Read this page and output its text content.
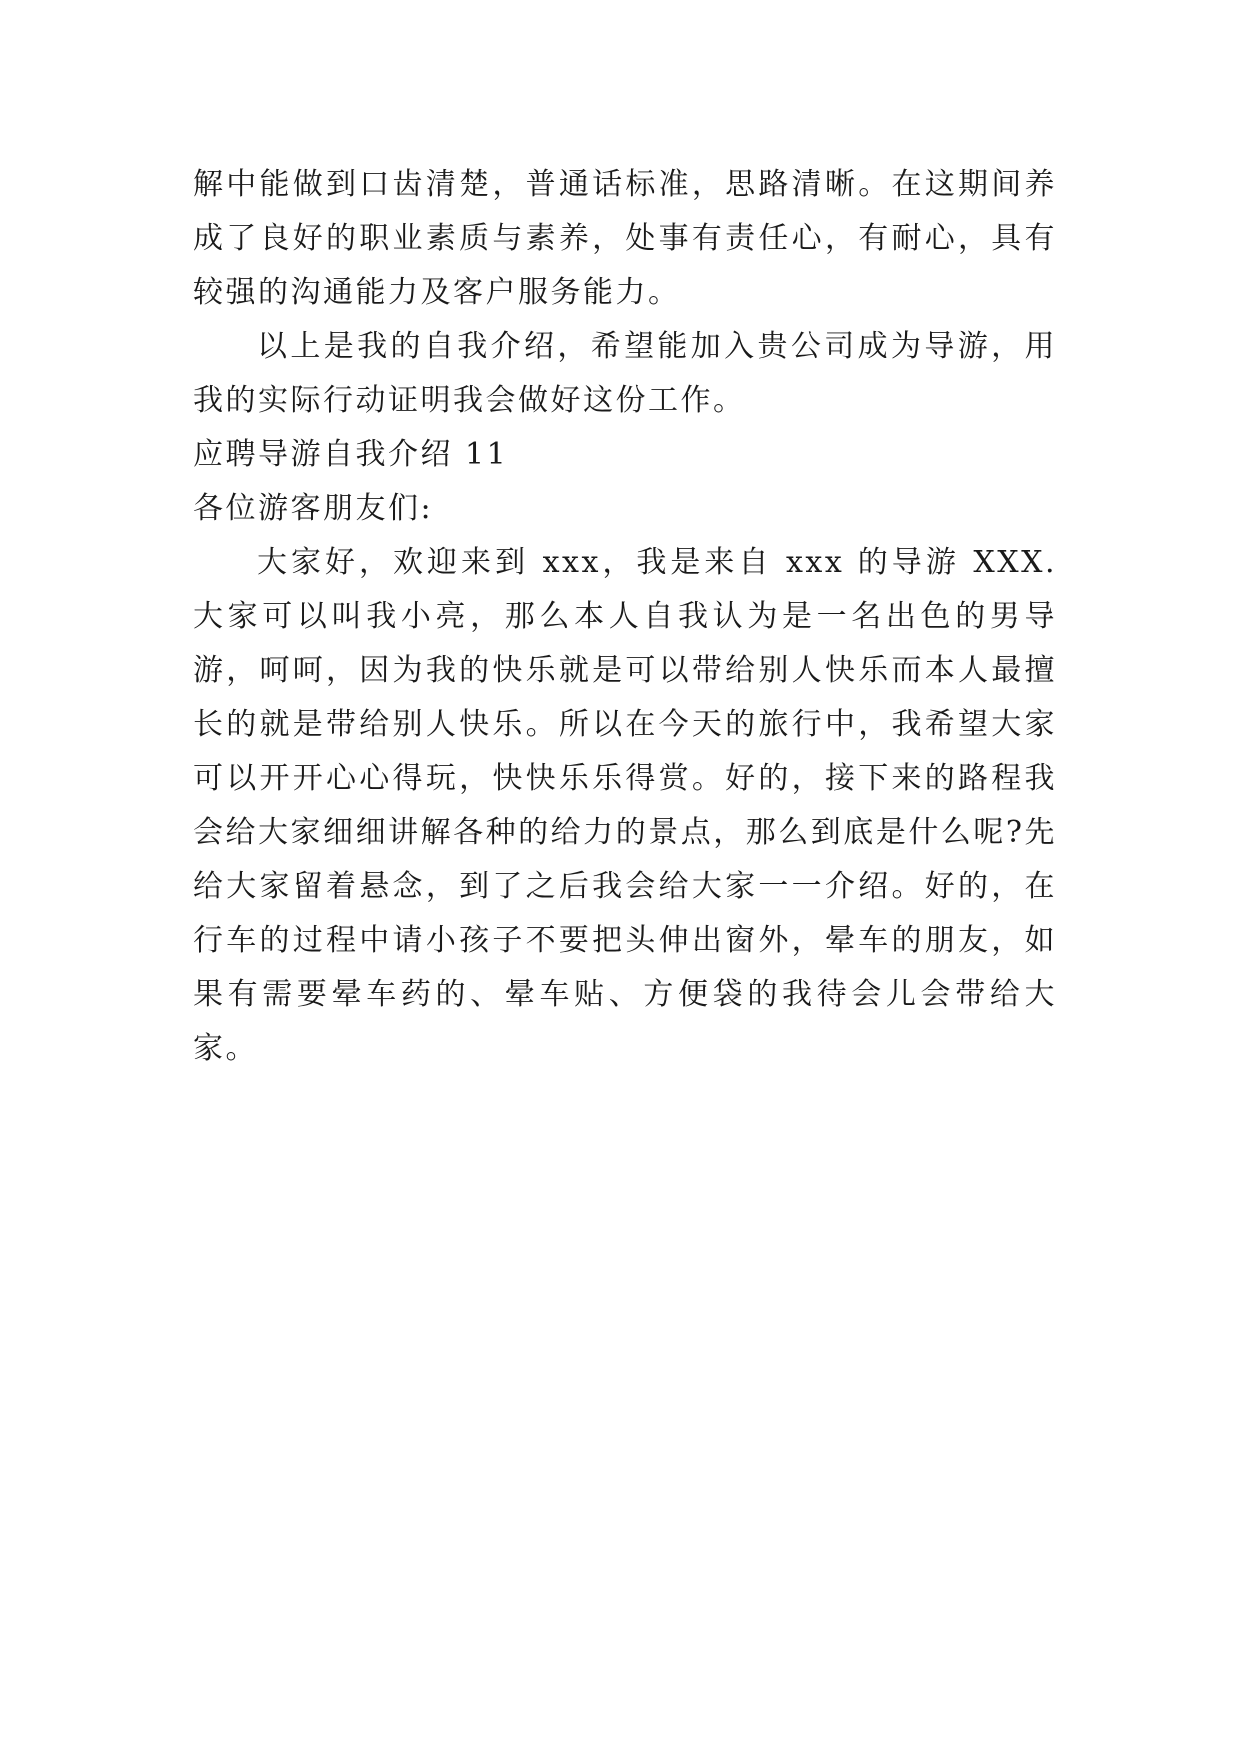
解中能做到口齿清楚，普通话标准，思路清晰。在这期间养成了良好的职业素质与素养，处事有责任心，有耐心，具有较强的沟通能力及客户服务能力。

以上是我的自我介绍，希望能加入贵公司成为导游，用我的实际行动证明我会做好这份工作。

应聘导游自我介绍 11

各位游客朋友们:

大家好，欢迎来到 xxx，我是来自 xxx 的导游 XXX. 大家可以叫我小亮，那么本人自我认为是一名出色的男导游，呵呵，因为我的快乐就是可以带给别人快乐而本人最擅长的就是带给别人快乐。所以在今天的旅行中，我希望大家可以开开心心得玩，快快乐乐得赏。好的，接下来的路程我会给大家细细讲解各种的给力的景点，那么到底是什么呢?先给大家留着悬念，到了之后我会给大家一一介绍。好的，在行车的过程中请小孩子不要把头伸出窗外，晕车的朋友，如果有需要晕车药的、晕车贴、方便袋的我待会儿会带给大家。
